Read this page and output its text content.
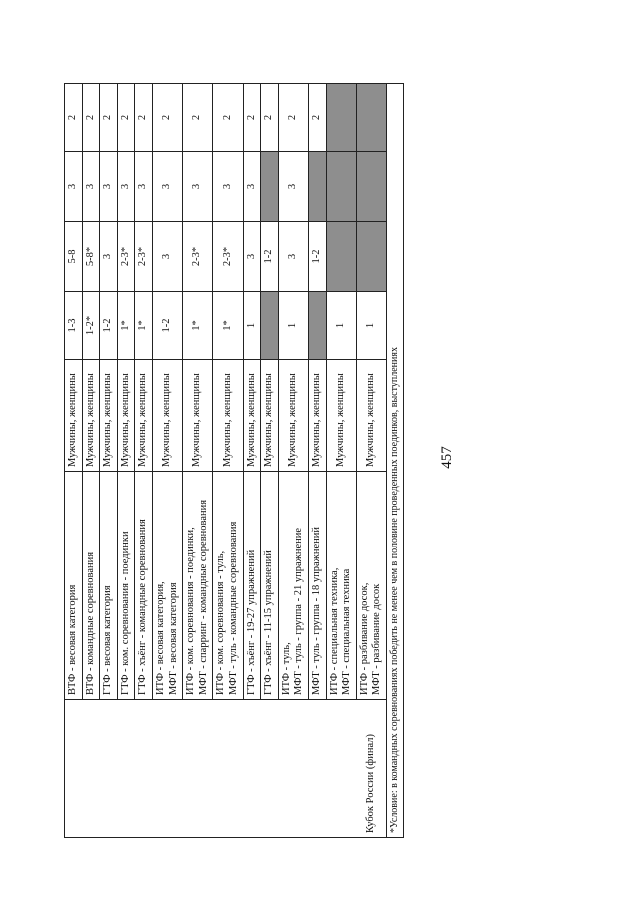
457
Кубок России (финал)	ВТФ - весовая категория	Мужчины, женщины	1-3	5-8	3	2
	ВТФ - командные соревнования	Мужчины, женщины	1-2*	5-8*	3	2
	ГТФ - весовая категория	Мужчины, женщины	1-2	3	3	2
	ГТФ - ком. соревнования - поединки	Мужчины, женщины	1*	2-3*	3	2
	ГТФ - хъёнг - командные соревнования	Мужчины, женщины	1*	2-3*	3	2
	ИТФ - весовая категория,
МФТ - весовая категория	Мужчины, женщины	1-2	3	3	2
	ИТФ - ком. соревнования - поединки,
МФТ - спарринг - командные соревнования	Мужчины, женщины	1*	2-3*	3	2
	ИТФ - ком. соревнования - туль,
МФТ - туль - командные соревнования	Мужчины, женщины	1*	2-3*	3	2
	ГТФ - хъёнг - 19-27 упражнений	Мужчины, женщины	1	3	3	2
	ГТФ - хъёнг - 11-15 упражнений	Мужчины, женщины		1-2		2
	ИТФ - туль,
МФТ - туль - группа - 21 упражнение	Мужчины, женщины	1	3	3	2
	МФТ - туль - группа - 18 упражнений	Мужчины, женщины		1-2		2
	ИТФ - специальная техника,
МФТ - специальная техника	Мужчины, женщины	1			
	ИТФ - разбивание досок,
МФТ - разбивание досок	Мужчины, женщины	1			
*Условие: в командных соревнованиях победить не менее чем в половине проведенных поединков, выступлениях						
